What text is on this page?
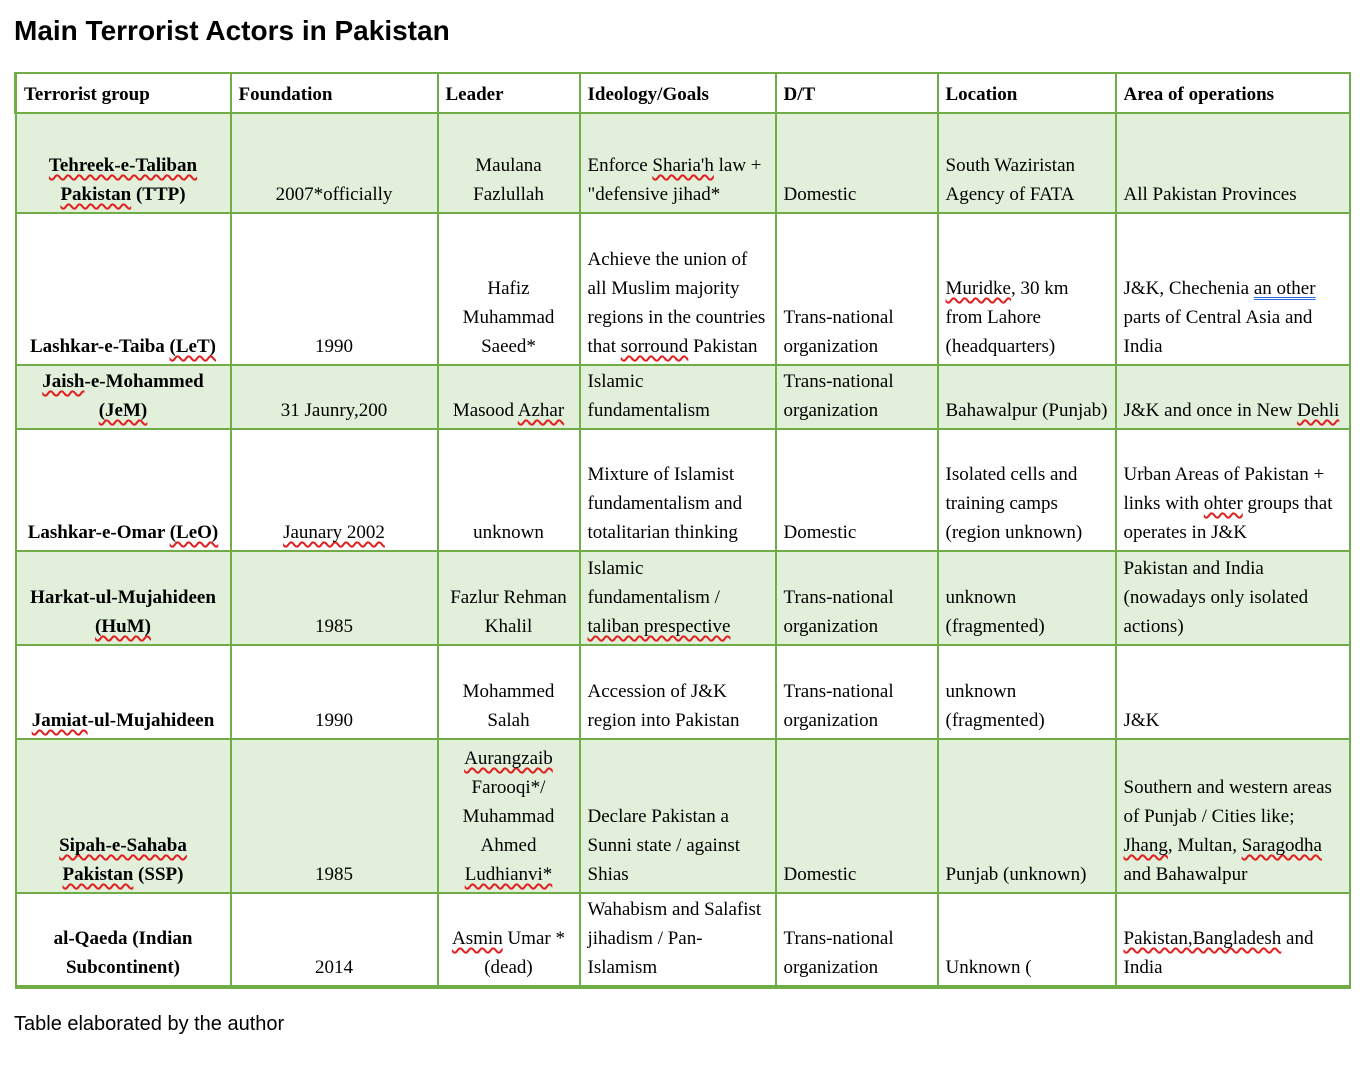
Main Terrorist Actors in Pakistan
Terrorist group	Foundation	Leader	Ideology/Goals	D/T	Location	Area of operations
Tehreek-e-Taliban Pakistan (TTP)	2007*officially	Maulana Fazlullah	Enforce Sharia'h law + "defensive jihad*	Domestic	South Waziristan Agency of FATA	All Pakistan Provinces
Lashkar-e-Taiba (LeT)	1990	Hafiz Muhammad Saeed*	Achieve the union of all Muslim majority regions in the countries that sorround Pakistan	Trans-national organization	Muridke, 30 km from Lahore (headquarters)	J&K, Chechenia an other parts of Central Asia and India
Jaish-e-Mohammed (JeM)	31 Jaunry,200	Masood Azhar	Islamic fundamentalism	Trans-national organization	Bahawalpur (Punjab)	J&K and once in New Dehli
Lashkar-e-Omar (LeO)	Jaunary 2002	unknown	Mixture of Islamist fundamentalism and totalitarian thinking	Domestic	Isolated cells and training camps (region unknown)	Urban Areas of Pakistan + links with ohter groups that operates in J&K
Harkat-ul-Mujahideen (HuM)	1985	Fazlur Rehman Khalil	Islamic fundamentalism / taliban prespective	Trans-national organization	unknown (fragmented)	Pakistan and India (nowadays only isolated actions)
Jamiat-ul-Mujahideen	1990	Mohammed Salah	Accession of J&K region into Pakistan	Trans-national organization	unknown (fragmented)	J&K
Sipah-e-Sahaba Pakistan (SSP)	1985	Aurangzaib Farooqi*/ Muhammad Ahmed Ludhianvi*	Declare Pakistan a Sunni state / against Shias	Domestic	Punjab (unknown)	Southern and western areas of Punjab / Cities like; Jhang, Multan, Saragodha and Bahawalpur
al-Qaeda (Indian Subcontinent)	2014	Asmin Umar *(dead)	Wahabism and Salafist jihadism / Pan-Islamism	Trans-national organization	Unknown (	Pakistan,Bangladesh and India

Table elaborated by the author
